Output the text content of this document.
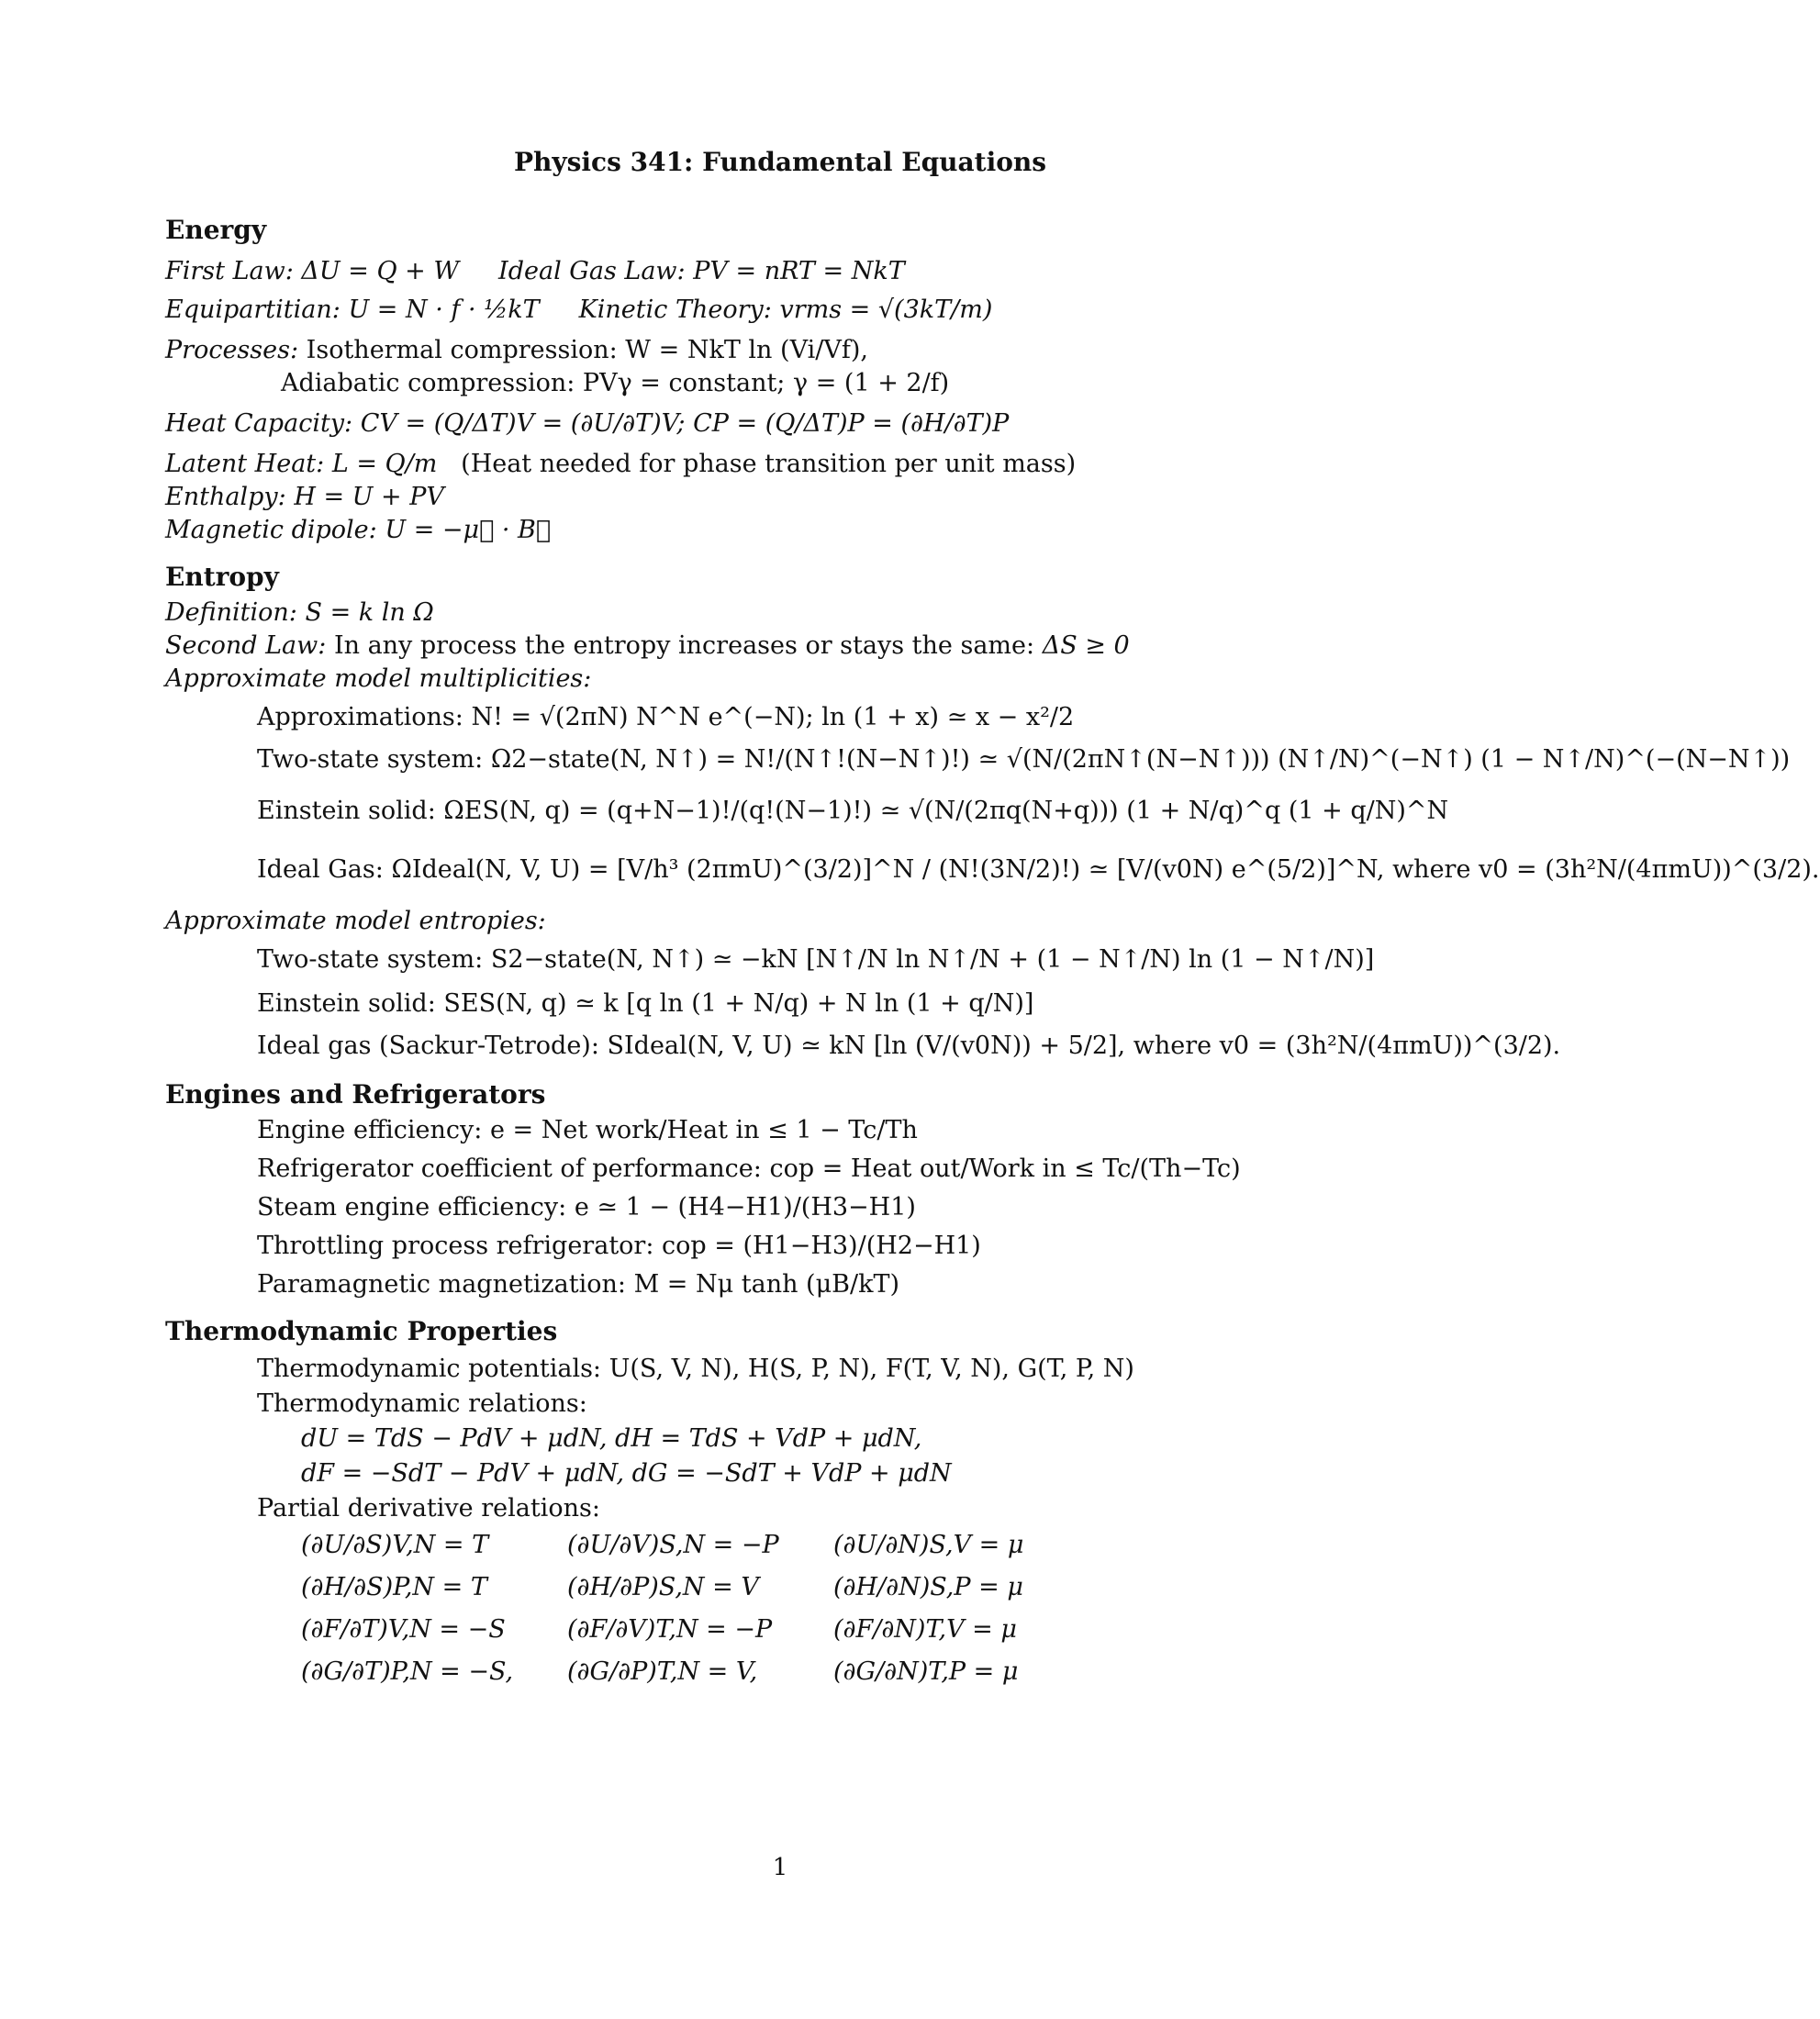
Physics 341: Fundamental Equations
Energy
First Law: ΔU = Q + W Ideal Gas Law: PV = nRT = NkT
Equipartitian: U = N · f · ½kT Kinetic Theory: vrms = √(3kT/m)
Processes: Isothermal compression: W = NkT ln (Vi/Vf),
Adiabatic compression: PVγ = constant; γ = (1 + 2/f)
Heat Capacity: CV = (Q/ΔT)V = (∂U/∂T)V; CP = (Q/ΔT)P = (∂H/∂T)P
Latent Heat: L = Q/m (Heat needed for phase transition per unit mass)
Enthalpy: H = U + PV
Magnetic dipole: U = −μ⃗ · B⃗
Entropy
Definition: S = k ln Ω
Second Law: In any process the entropy increases or stays the same: ΔS ≥ 0
Approximate model multiplicities:
Approximations: N! = √(2πN) N^N e^(−N); ln (1 + x) ≃ x − x²/2
Two-state system: Ω2−state(N, N↑) = N!/(N↑!(N−N↑)!) ≃ √(N/(2πN↑(N−N↑))) (N↑/N)^(−N↑) (1 − N↑/N)^(−(N−N↑))
Einstein solid: ΩES(N, q) = (q+N−1)!/(q!(N−1)!) ≃ √(N/(2πq(N+q))) (1 + N/q)^q (1 + q/N)^N
Ideal Gas: ΩIdeal(N, V, U) = [V/h³ (2πmU)^(3/2)]^N / (N!(3N/2)!) ≃ [V/(v0N) e^(5/2)]^N, where v0 = (3h²N/(4πmU))^(3/2).
Approximate model entropies:
Two-state system: S2−state(N, N↑) ≃ −kN [N↑/N ln N↑/N + (1 − N↑/N) ln (1 − N↑/N)]
Einstein solid: SES(N, q) ≃ k [q ln (1 + N/q) + N ln (1 + q/N)]
Ideal gas (Sackur-Tetrode): SIdeal(N, V, U) ≃ kN [ln (V/(v0N)) + 5/2], where v0 = (3h²N/(4πmU))^(3/2).
Engines and Refrigerators
Engine efficiency: e = Net work/Heat in ≤ 1 − Tc/Th
Refrigerator coefficient of performance: cop = Heat out/Work in ≤ Tc/(Th−Tc)
Steam engine efficiency: e ≃ 1 − (H4−H1)/(H3−H1)
Throttling process refrigerator: cop = (H1−H3)/(H2−H1)
Paramagnetic magnetization: M = Nμ tanh (μB/kT)
Thermodynamic Properties
Thermodynamic potentials: U(S, V, N), H(S, P, N), F(T, V, N), G(T, P, N)
Thermodynamic relations:
dU = TdS − PdV + μdN, dH = TdS + VdP + μdN,
dF = −SdT − PdV + μdN, dG = −SdT + VdP + μdN
Partial derivative relations:
(∂U/∂S)V,N = T	(∂U/∂V)S,N = −P (∂U/∂N)S,V = μ
(∂H/∂S)P,N = T	(∂H/∂P)S,N = V	(∂H/∂N)S,P = μ
(∂F/∂T)V,N = −S (∂F/∂V)T,N = −P (∂F/∂N)T,V = μ
(∂G/∂T)P,N = −S, (∂G/∂P)T,N = V,	(∂G/∂N)T,P = μ
1
